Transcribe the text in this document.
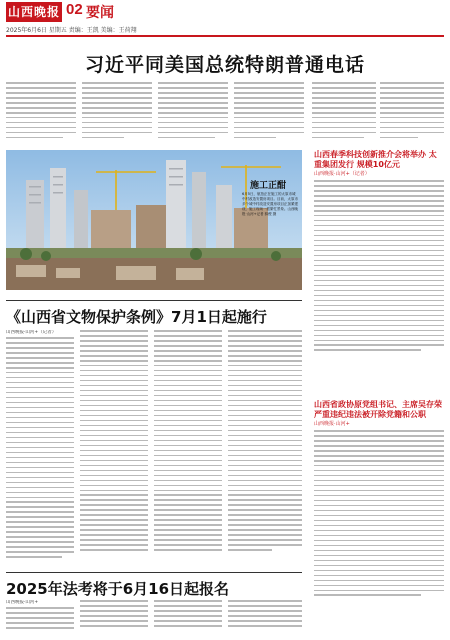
山西晚报 02 要闻
2025年6月6日 星期五 责编：王凯 美编：王荷翔
习近平同美国总统特朗普通电话
施工正酣
6月5日，航拍正在施工的太原市城中村改造安置房项目。目前，太原市多个城中村改造安置房项目正加紧建设，施工现场一派繁忙景象。山西晚报·山河+记者 薛俊 摄
山西春季科技创新推介会将举办 太重集团发行 规模10亿元
山西晚报·山河+（记者）
《山西省文物保护条例》7月1日起施行
山西晚报·山河+（记者）
山西省政协原党组书记、主席吴存荣 严重违纪违法被开除党籍和公职
山西晚报·山河+
2025年法考将于6月16日起报名
山西晚报·山河+
